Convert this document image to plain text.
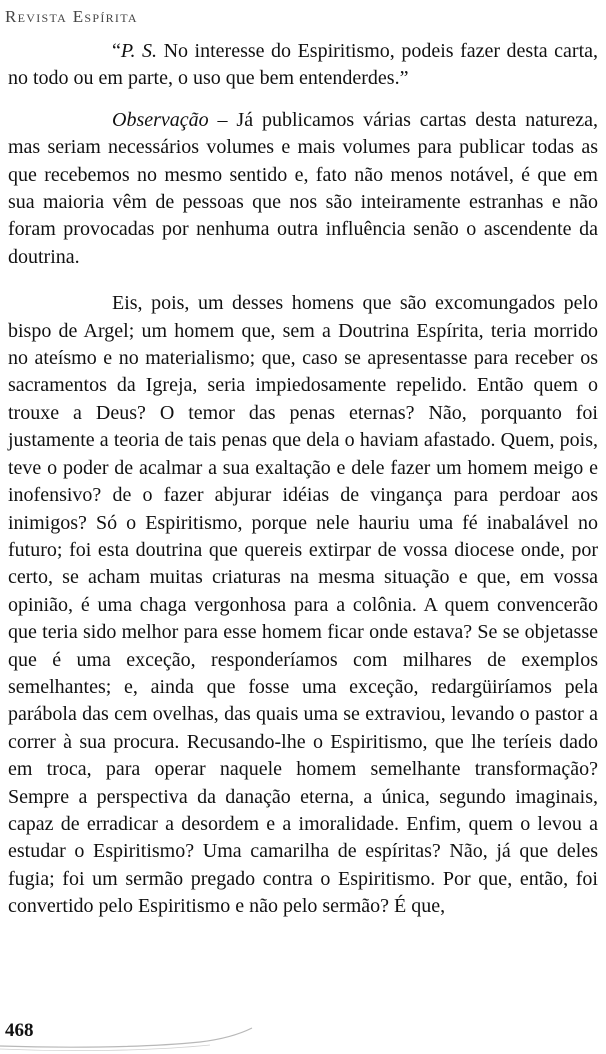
Revista Espírita

“P. S. No interesse do Espiritismo, podeis fazer desta carta, no todo ou em parte, o uso que bem entenderdes.”

Observação – Já publicamos várias cartas desta natureza, mas seriam necessários volumes e mais volumes para publicar todas as que recebemos no mesmo sentido e, fato não menos notável, é que em sua maioria vêm de pessoas que nos são inteiramente estranhas e não foram provocadas por nenhuma outra influência senão o ascendente da doutrina.

Eis, pois, um desses homens que são excomungados pelo bispo de Argel; um homem que, sem a Doutrina Espírita, teria morrido no ateísmo e no materialismo; que, caso se apresentasse para receber os sacramentos da Igreja, seria impiedosamente repelido. Então quem o trouxe a Deus? O temor das penas eternas? Não, porquanto foi justamente a teoria de tais penas que dela o haviam afastado. Quem, pois, teve o poder de acalmar a sua exaltação e dele fazer um homem meigo e inofensivo? de o fazer abjurar idéias de vingança para perdoar aos inimigos? Só o Espiritismo, porque nele hauriu uma fé inabalável no futuro; foi esta doutrina que quereis extirpar de vossa diocese onde, por certo, se acham muitas criaturas na mesma situação e que, em vossa opinião, é uma chaga vergonhosa para a colônia. A quem convencerão que teria sido melhor para esse homem ficar onde estava? Se se objetasse que é uma exceção, responderíamos com milhares de exemplos semelhantes; e, ainda que fosse uma exceção, redargüiríamos pela parábola das cem ovelhas, das quais uma se extraviou, levando o pastor a correr à sua procura. Recusando-lhe o Espiritismo, que lhe teríeis dado em troca, para operar naquele homem semelhante transformação? Sempre a perspectiva da danação eterna, a única, segundo imaginais, capaz de erradicar a desordem e a imoralidade. Enfim, quem o levou a estudar o Espiritismo? Uma camarilha de espíritas? Não, já que deles fugia; foi um sermão pregado contra o Espiritismo. Por que, então, foi convertido pelo Espiritismo e não pelo sermão? É que,

468
